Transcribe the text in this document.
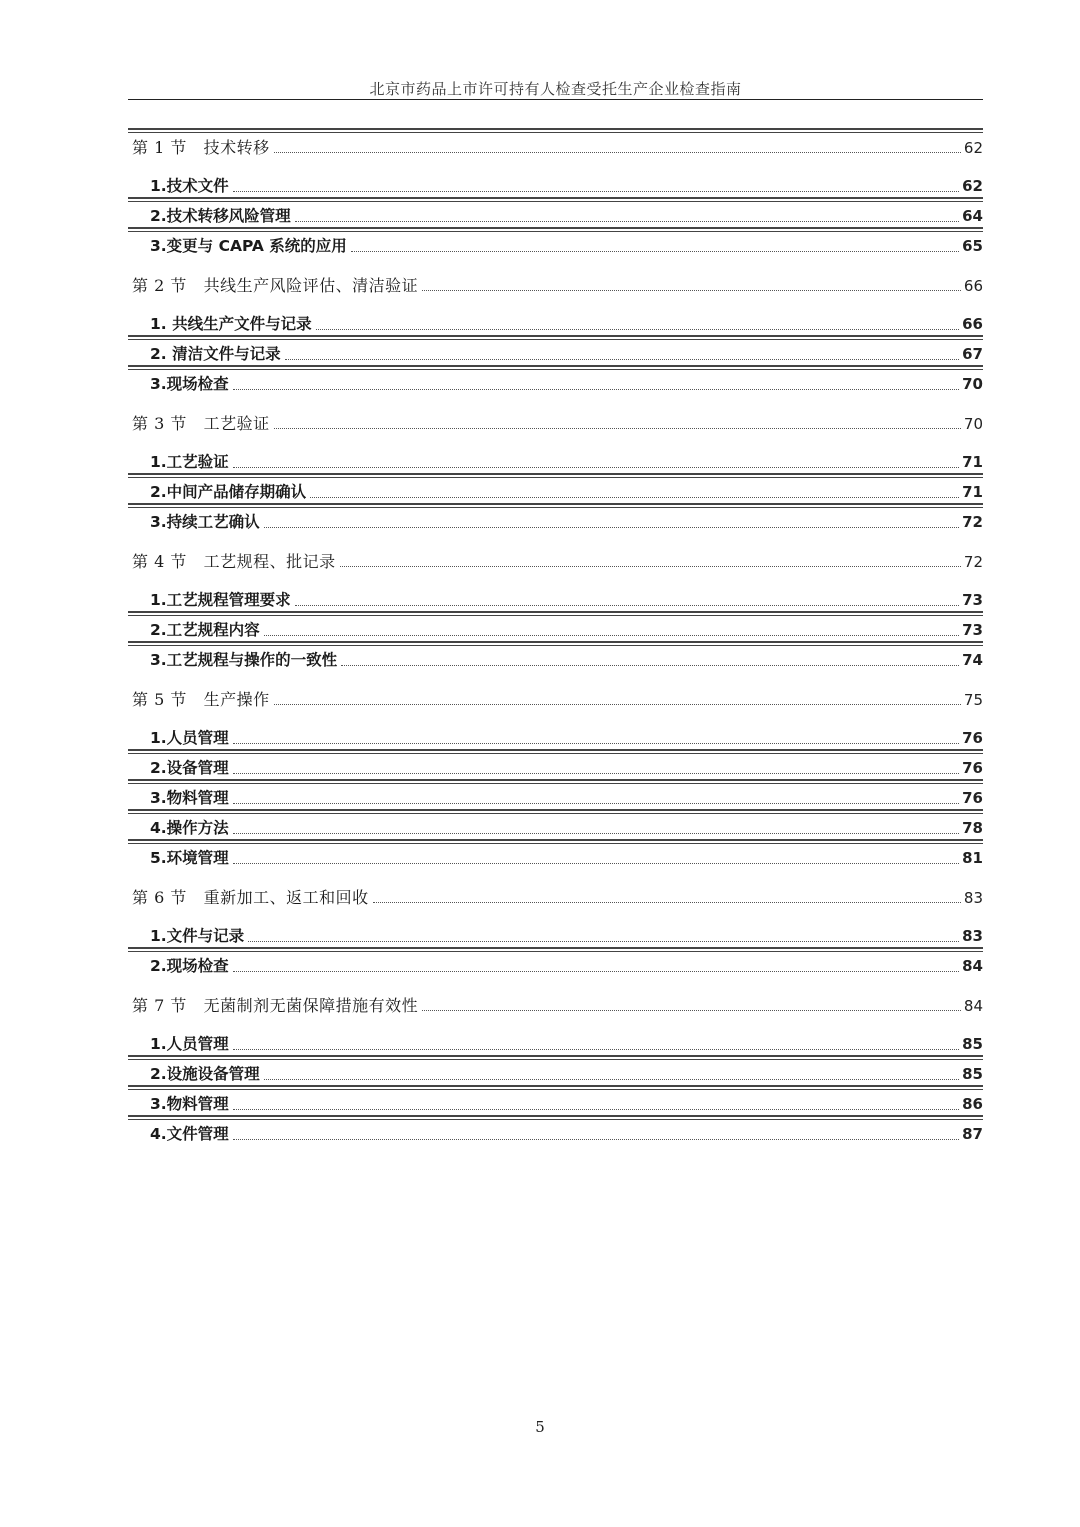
北京市药品上市许可持有人检查受托生产企业检查指南
第 1 节   技术转移	62
1.技术文件	62
2.技术转移风险管理	64
3.变更与 CAPA 系统的应用	65
第 2 节   共线生产风险评估、清洁验证	66
1. 共线生产文件与记录	66
2. 清洁文件与记录	67
3.现场检查	70
第 3 节   工艺验证	70
1.工艺验证	71
2.中间产品储存期确认	71
3.持续工艺确认	72
第 4 节   工艺规程、批记录	72
1.工艺规程管理要求	73
2.工艺规程内容	73
3.工艺规程与操作的一致性	74
第 5 节   生产操作	75
1.人员管理	76
2.设备管理	76
3.物料管理	76
4.操作方法	78
5.环境管理	81
第 6 节   重新加工、返工和回收	83
1.文件与记录	83
2.现场检查	84
第 7 节   无菌制剂无菌保障措施有效性	84
1.人员管理	85
2.设施设备管理	85
3.物料管理	86
4.文件管理	87
5
